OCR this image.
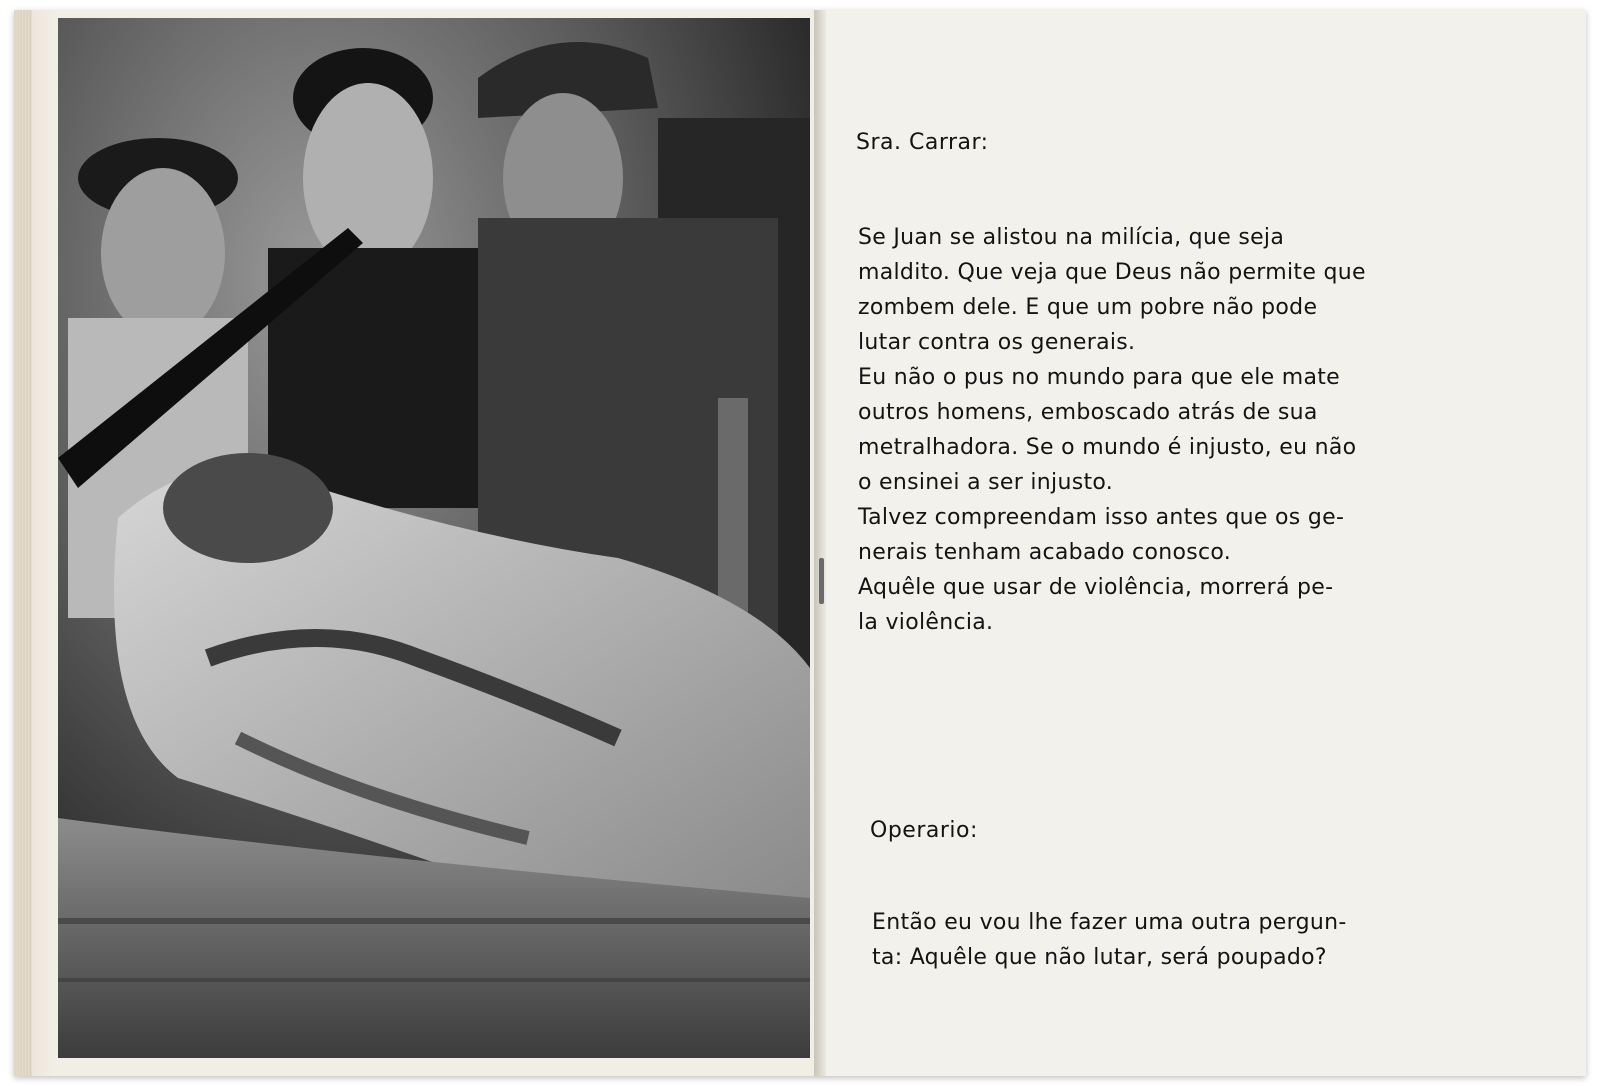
Sra. Carrar:
Se Juan se alistou na milícia, que seja
maldito. Que veja que Deus não permite que
zombem dele. E que um pobre não pode
lutar contra os generais.
Eu não o pus no mundo para que ele mate
outros homens, emboscado atrás de sua
metralhadora. Se o mundo é injusto, eu não
o ensinei a ser injusto.
Talvez compreendam isso antes que os ge-
nerais tenham acabado conosco.
Aquêle que usar de violência, morrerá pe-
la violência.
Operario:
Então eu vou lhe fazer uma outra pergun-
ta: Aquêle que não lutar, será poupado?
